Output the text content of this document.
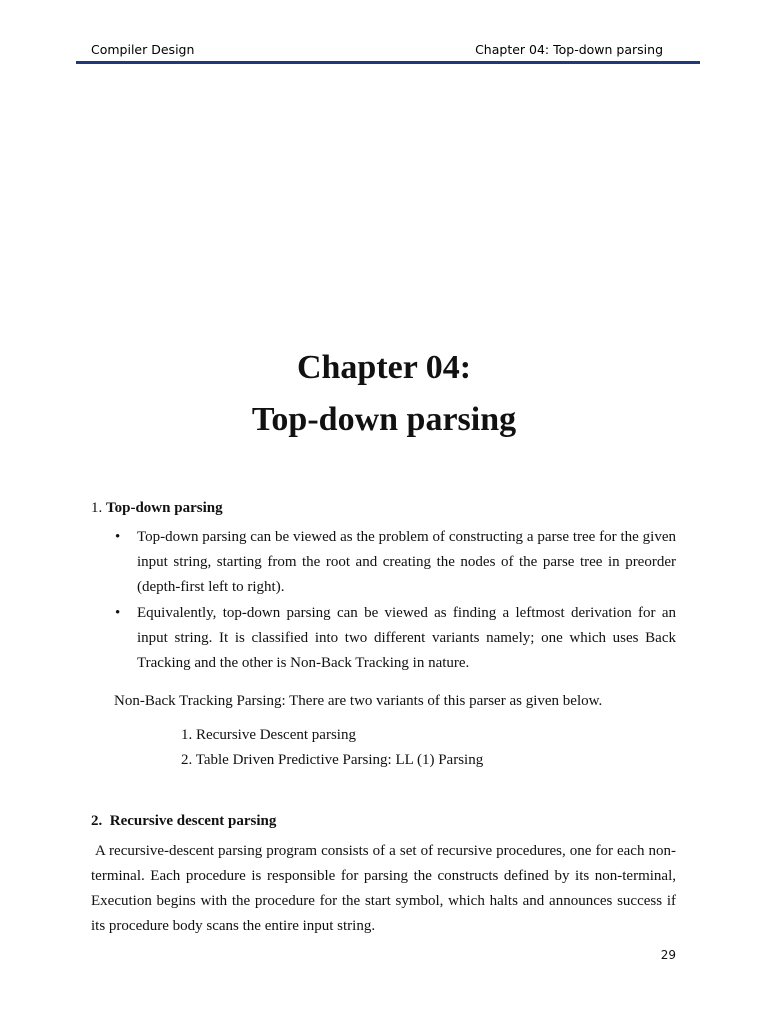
Compiler Design	Chapter 04: Top-down parsing
Chapter 04:
Top-down parsing
1. Top-down parsing
• Top-down parsing can be viewed as the problem of constructing a parse tree for the given input string, starting from the root and creating the nodes of the parse tree in preorder (depth-first left to right).
• Equivalently, top-down parsing can be viewed as finding a leftmost derivation for an input string. It is classified into two different variants namely; one which uses Back Tracking and the other is Non-Back Tracking in nature.
Non-Back Tracking Parsing: There are two variants of this parser as given below.
1. Recursive Descent parsing
2. Table Driven Predictive Parsing: LL (1) Parsing
2. Recursive descent parsing
A recursive-descent parsing program consists of a set of recursive procedures, one for each non-terminal. Each procedure is responsible for parsing the constructs defined by its non-terminal, Execution begins with the procedure for the start symbol, which halts and announces success if its procedure body scans the entire input string.
29
